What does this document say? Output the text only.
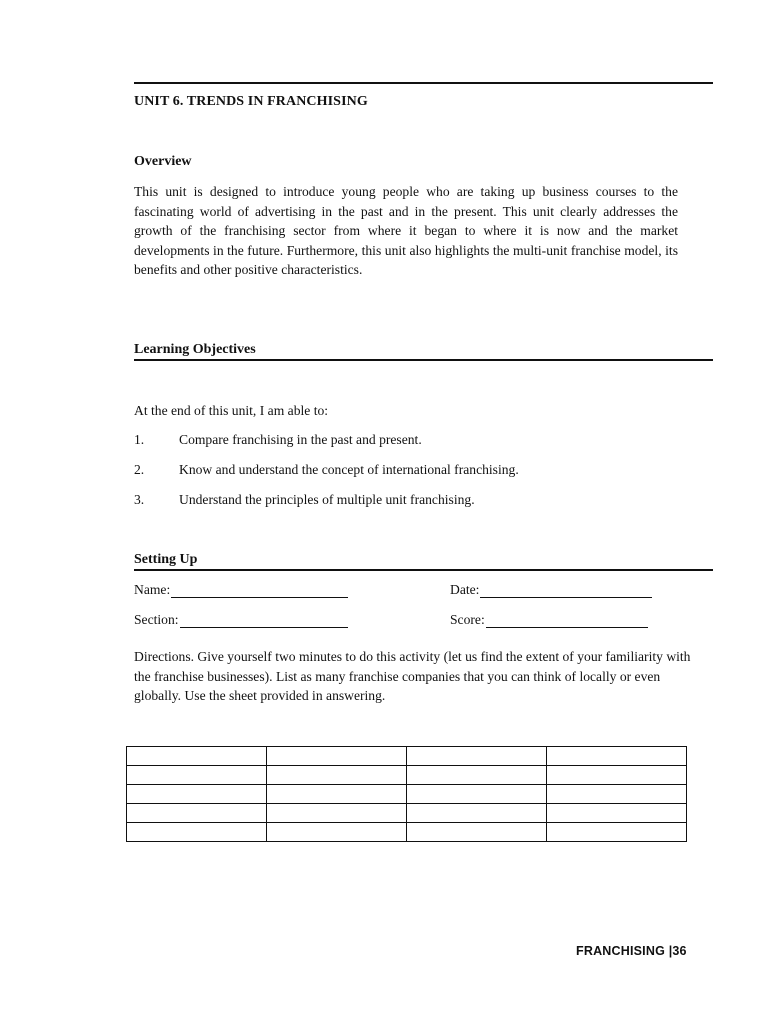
UNIT 6. TRENDS IN FRANCHISING
Overview
This unit is designed to introduce young people who are taking up business courses to the fascinating world of advertising in the past and in the present. This unit clearly addresses the growth of the franchising sector from where it began to where it is now and the market developments in the future. Furthermore, this unit also highlights the multi-unit franchise model, its benefits and other positive characteristics.
Learning Objectives
At the end of this unit, I am able to:
1.	Compare franchising in the past and present.
2.	Know and understand the concept of international franchising.
3.	Understand the principles of multiple unit franchising.
Setting Up
Name:	Date:
Section:	Score:
Directions. Give yourself two minutes to do this activity (let us find the extent of your familiarity with the franchise businesses). List as many franchise companies that you can think of locally or even globally. Use the sheet provided in answering.

FRANCHISING |36
